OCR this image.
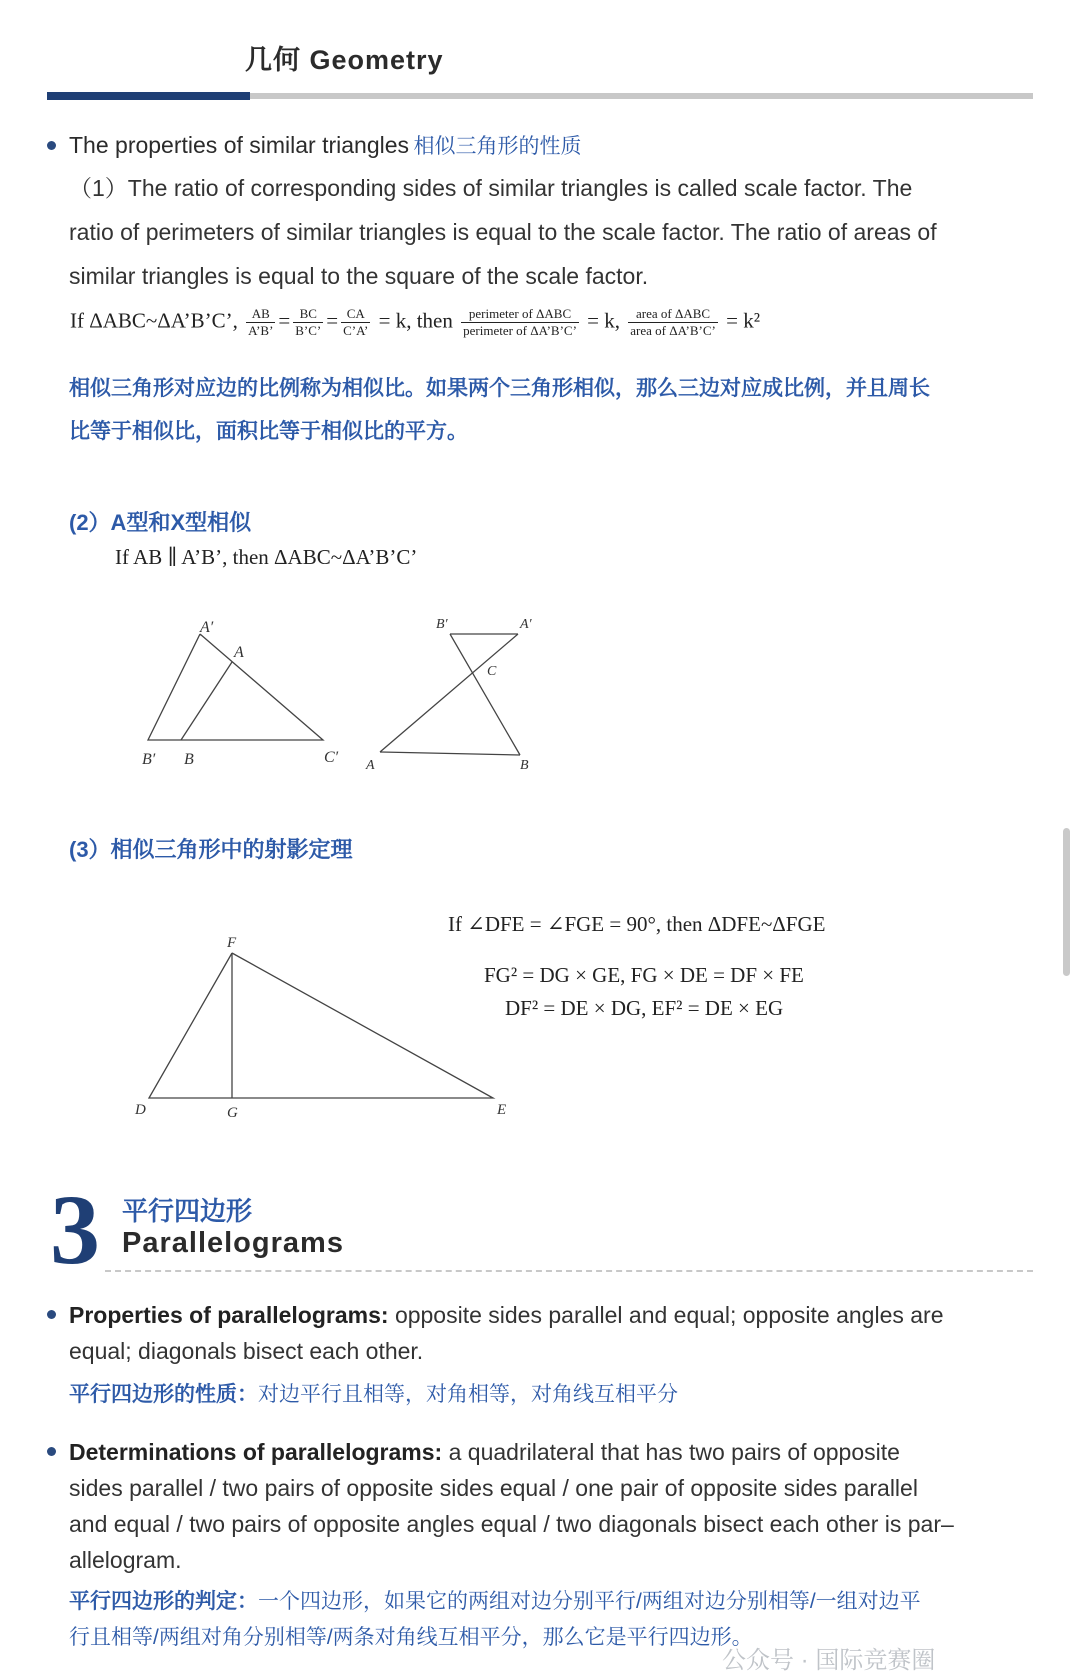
几何 Geometry
The properties of similar triangles 相似三角形的性质
（1）The ratio of corresponding sides of similar triangles is called scale factor. The
ratio of perimeters of similar triangles is equal to the scale factor. The ratio of areas of
similar triangles is equal to the square of the scale factor.
If ΔABC~ΔA’B’C’, $\frac{AB}{A’B’} = \frac{BC}{B’C’} = \frac{CA}{C’A’} = k$, then $\frac{\text{perimeter of ΔABC}}{\text{perimeter of ΔA’B’C’}} = k$, $\frac{\text{area of ΔABC}}{\text{area of ΔA’B’C’}} = k^2$
相似三角形对应边的比例称为相似比。如果两个三角形相似，那么三边对应成比例，并且周长
比等于相似比，面积比等于相似比的平方。
(2）A型和X型相似
If AB ∥ A’B’, then ΔABC~ΔA’B’C’
A′
A
B′ B	C′
B′	A′
C
A	B
(3）相似三角形中的射影定理
F
D	G	E
If ∠DFE = ∠FGE = 90°, then ΔDFE~ΔFGE
FG² = DG × GE, FG × DE = DF × FE
DF² = DE × DG, EF² = DE × EG
3 平行四边形
Parallelograms
Properties of parallelograms: opposite sides parallel and equal; opposite angles are
equal; diagonals bisect each other.
平行四边形的性质：对边平行且相等，对角相等，对角线互相平分
Determinations of parallelograms: a quadrilateral that has two pairs of opposite
sides parallel / two pairs of opposite sides equal / one pair of opposite sides parallel
and equal / two pairs of opposite angles equal / two diagonals bisect each other is par–
allelogram.
平行四边形的判定：一个四边形，如果它的两组对边分别平行/两组对边分别相等/一组对边平
行且相等/两组对角分别相等/两条对角线互相平分，那么它是平行四边形。
公众号 · 国际竞赛圈
